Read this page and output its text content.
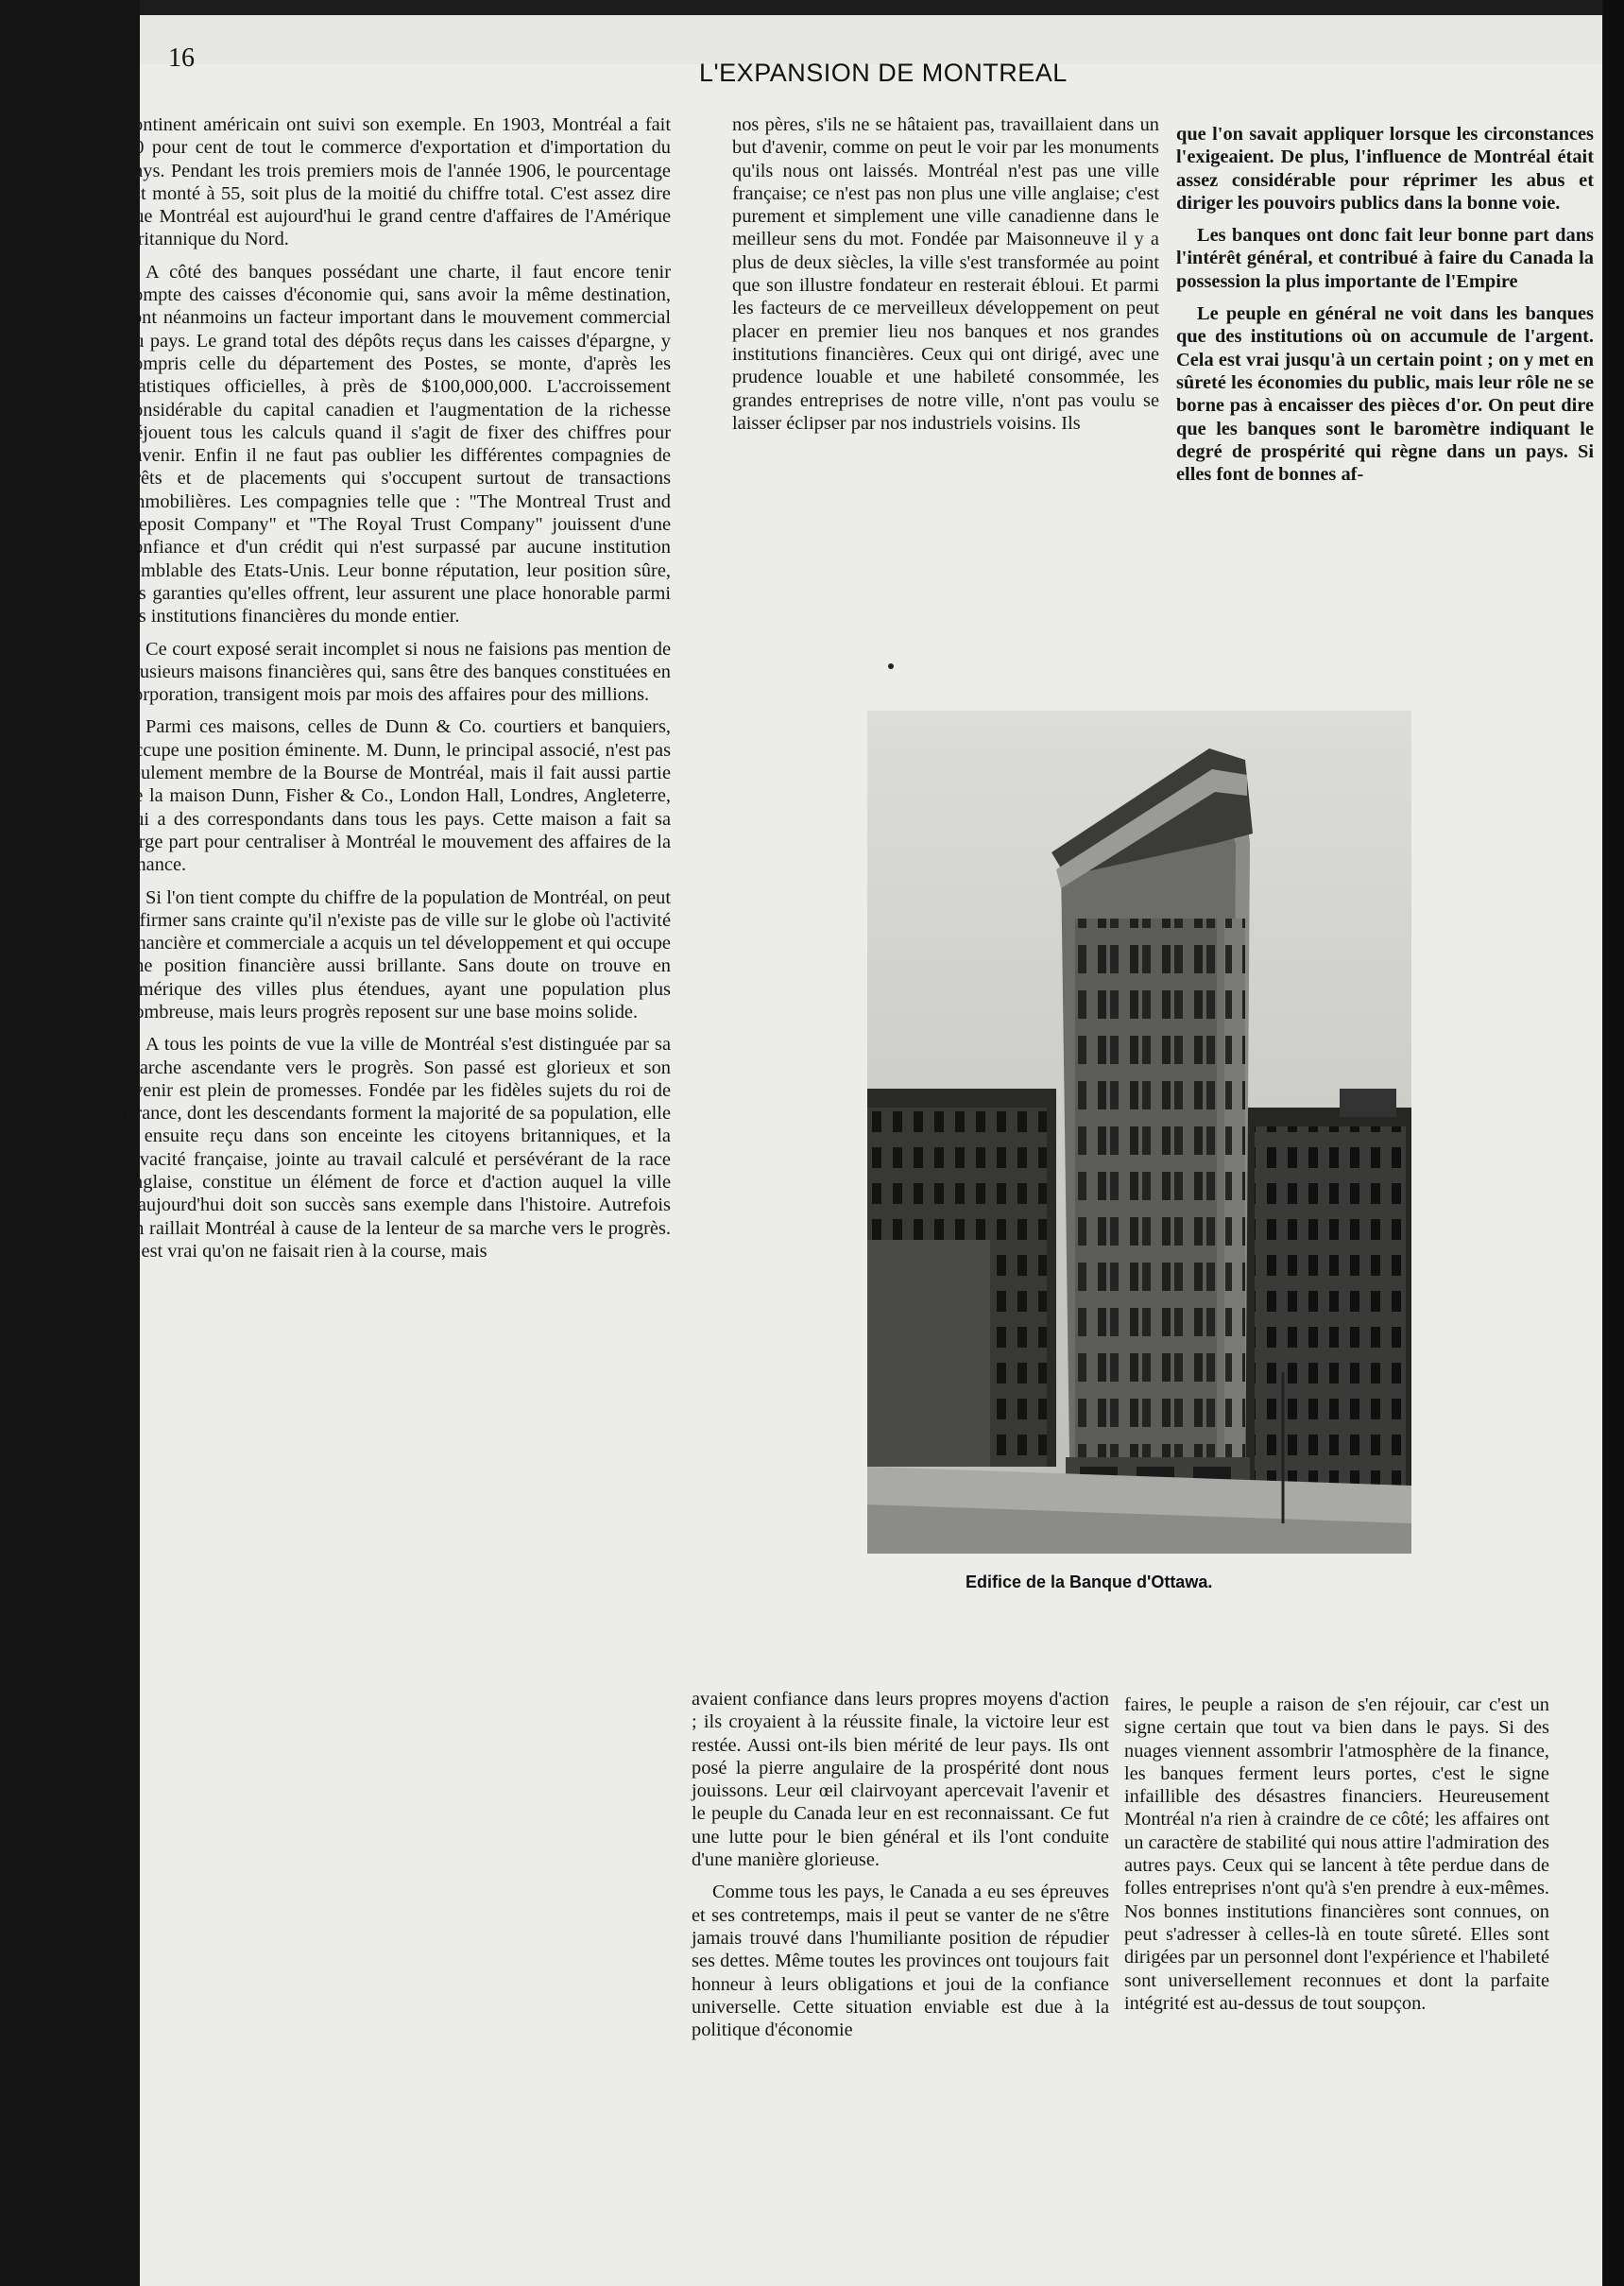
16	L'EXPANSION DE MONTREAL

continent américain ont suivi son exemple. En 1903, Montréal a fait 40 pour cent de tout le commerce d'exportation et d'importation du pays. Pendant les trois premiers mois de l'année 1906, le pourcentage est monté à 55, soit plus de la moitié du chiffre total. C'est assez dire que Montréal est aujourd'hui le grand centre d'affaires de l'Amérique Britannique du Nord.

A côté des banques possédant une charte, il faut encore tenir compte des caisses d'économie qui, sans avoir la même destination, sont néanmoins un facteur important dans le mouvement commercial du pays. Le grand total des dépôts reçus dans les caisses d'épargne, y compris celle du département des Postes, se monte, d'après les statistiques officielles, à près de $100,000,000. L'accroissement considérable du capital canadien et l'augmentation de la richesse déjouent tous les calculs quand il s'agit de fixer des chiffres pour l'avenir. Enfin il ne faut pas oublier les différentes compagnies de prêts et de placements qui s'occupent surtout de transactions immobilières. Les compagnies telle que : "The Montreal Trust and Deposit Company" et "The Royal Trust Company" jouissent d'une confiance et d'un crédit qui n'est surpassé par aucune institution semblable des Etats-Unis. Leur bonne réputation, leur position sûre, les garanties qu'elles offrent, leur assurent une place honorable parmi les institutions financières du monde entier.

Ce court exposé serait incomplet si nous ne faisions pas mention de plusieurs maisons financières qui, sans être des banques constituées en corporation, transigent mois par mois des affaires pour des millions.

Parmi ces maisons, celles de Dunn & Co. courtiers et banquiers, occupe une position éminente. M. Dunn, le principal associé, n'est pas seulement membre de la Bourse de Montréal, mais il fait aussi partie de la maison Dunn, Fisher & Co., London Hall, Londres, Angleterre, qui a des correspondants dans tous les pays. Cette maison a fait sa large part pour centraliser à Montréal le mouvement des affaires de la finance.

Si l'on tient compte du chiffre de la population de Montréal, on peut affirmer sans crainte qu'il n'existe pas de ville sur le globe où l'activité financière et commerciale a acquis un tel développement et qui occupe une position financière aussi brillante. Sans doute on trouve en Amérique des villes plus étendues, ayant une population plus nombreuse, mais leurs progrès reposent sur une base moins solide.

A tous les points de vue la ville de Montréal s'est distinguée par sa marche ascendante vers le progrès. Son passé est glorieux et son avenir est plein de promesses. Fondée par les fidèles sujets du roi de France, dont les descendants forment la majorité de sa population, elle a ensuite reçu dans son enceinte les citoyens britanniques, et la vivacité française, jointe au travail calculé et persévérant de la race anglaise, constitue un élément de force et d'action auquel la ville d'aujourd'hui doit son succès sans exemple dans l'histoire. Autrefois on raillait Montréal à cause de la lenteur de sa marche vers le progrès. Il est vrai qu'on ne faisait rien à la course, mais

nos pères, s'ils ne se hâtaient pas, travaillaient dans un but d'avenir, comme on peut le voir par les monuments qu'ils nous ont laissés. Montréal n'est pas une ville française; ce n'est pas non plus une ville anglaise; c'est purement et simplement une ville canadienne dans le meilleur sens du mot. Fondée par Maisonneuve il y a plus de deux siècles, la ville s'est transformée au point que son illustre fondateur en resterait ébloui. Et parmi les facteurs de ce merveilleux développement on peut placer en premier lieu nos banques et nos grandes institutions financières. Ceux qui ont dirigé, avec une prudence louable et une habileté consommée, les grandes entreprises de notre ville, n'ont pas voulu se laisser éclipser par nos industriels voisins. Ils

que l'on savait appliquer lorsque les circonstances l'exigeaient. De plus, l'influence de Montréal était assez considérable pour réprimer les abus et diriger les pouvoirs publics dans la bonne voie.

Les banques ont donc fait leur bonne part dans l'intérêt général, et contribué à faire du Canada la possession la plus importante de l'Empire

Le peuple en général ne voit dans les banques que des institutions où on accumule de l'argent. Cela est vrai jusqu'à un certain point ; on y met en sûreté les économies du public, mais leur rôle ne se borne pas à encaisser des pièces d'or. On peut dire que les banques sont le baromètre indiquant le degré de prospérité qui règne dans un pays. Si elles font de bonnes af-

Edifice de la Banque d'Ottawa.

avaient confiance dans leurs propres moyens d'action ; ils croyaient à la réussite finale, la victoire leur est restée. Aussi ont-ils bien mérité de leur pays. Ils ont posé la pierre angulaire de la prospérité dont nous jouissons. Leur œil clairvoyant apercevait l'avenir et le peuple du Canada leur en est reconnaissant. Ce fut une lutte pour le bien général et ils l'ont conduite d'une manière glorieuse.

Comme tous les pays, le Canada a eu ses épreuves et ses contretemps, mais il peut se vanter de ne s'être jamais trouvé dans l'humiliante position de répudier ses dettes. Même toutes les provinces ont toujours fait honneur à leurs obligations et joui de la confiance universelle. Cette situation enviable est due à la politique d'économie

faires, le peuple a raison de s'en réjouir, car c'est un signe certain que tout va bien dans le pays. Si des nuages viennent assombrir l'atmosphère de la finance, les banques ferment leurs portes, c'est le signe infaillible des désastres financiers. Heureusement Montréal n'a rien à craindre de ce côté; les affaires ont un caractère de stabilité qui nous attire l'admiration des autres pays. Ceux qui se lancent à tête perdue dans de folles entreprises n'ont qu'à s'en prendre à eux-mêmes. Nos bonnes institutions financières sont connues, on peut s'adresser à celles-là en toute sûreté. Elles sont dirigées par un personnel dont l'expérience et l'habileté sont universellement reconnues et dont la parfaite intégrité est au-dessus de tout soupçon.
